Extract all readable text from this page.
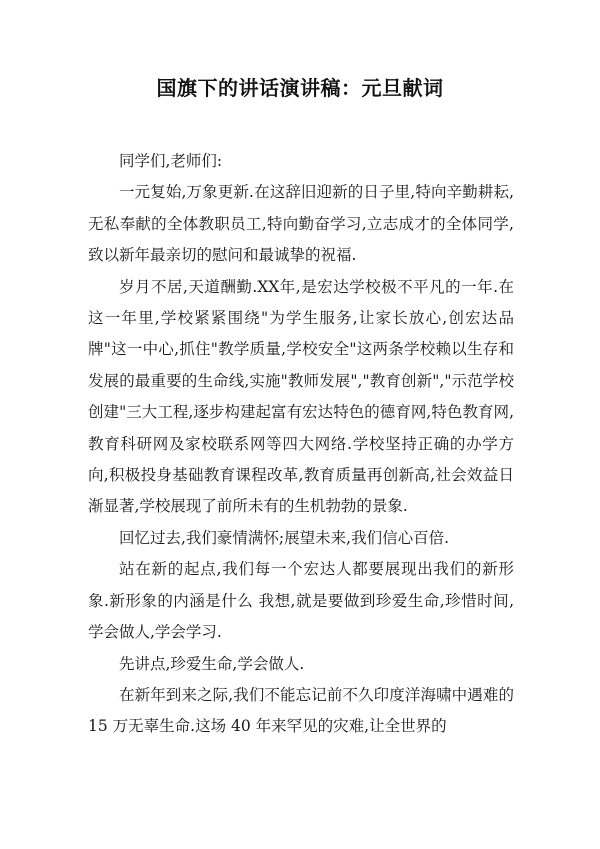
国旗下的讲话演讲稿：元旦献词

同学们,老师们:

一元复始,万象更新.在这辞旧迎新的日子里,特向辛勤耕耘,无私奉献的全体教职员工,特向勤奋学习,立志成才的全体同学,致以新年最亲切的慰问和最诚挚的祝福.

岁月不居,天道酬勤.XX年,是宏达学校极不平凡的一年.在这一年里,学校紧紧围绕"为学生服务,让家长放心,创宏达品牌"这一中心,抓住"教学质量,学校安全"这两条学校赖以生存和发展的最重要的生命线,实施"教师发展","教育创新","示范学校创建"三大工程,逐步构建起富有宏达特色的德育网,特色教育网,教育科研网及家校联系网等四大网络.学校坚持正确的办学方向,积极投身基础教育课程改革,教育质量再创新高,社会效益日渐显著,学校展现了前所未有的生机勃勃的景象.

回忆过去,我们豪情满怀;展望未来,我们信心百倍.

站在新的起点,我们每一个宏达人都要展现出我们的新形象.新形象的内涵是什么 我想,就是要做到珍爱生命,珍惜时间,学会做人,学会学习.

先讲点,珍爱生命,学会做人.

在新年到来之际,我们不能忘记前不久印度洋海啸中遇难的 15 万无辜生命.这场 40 年来罕见的灾难,让全世界的
